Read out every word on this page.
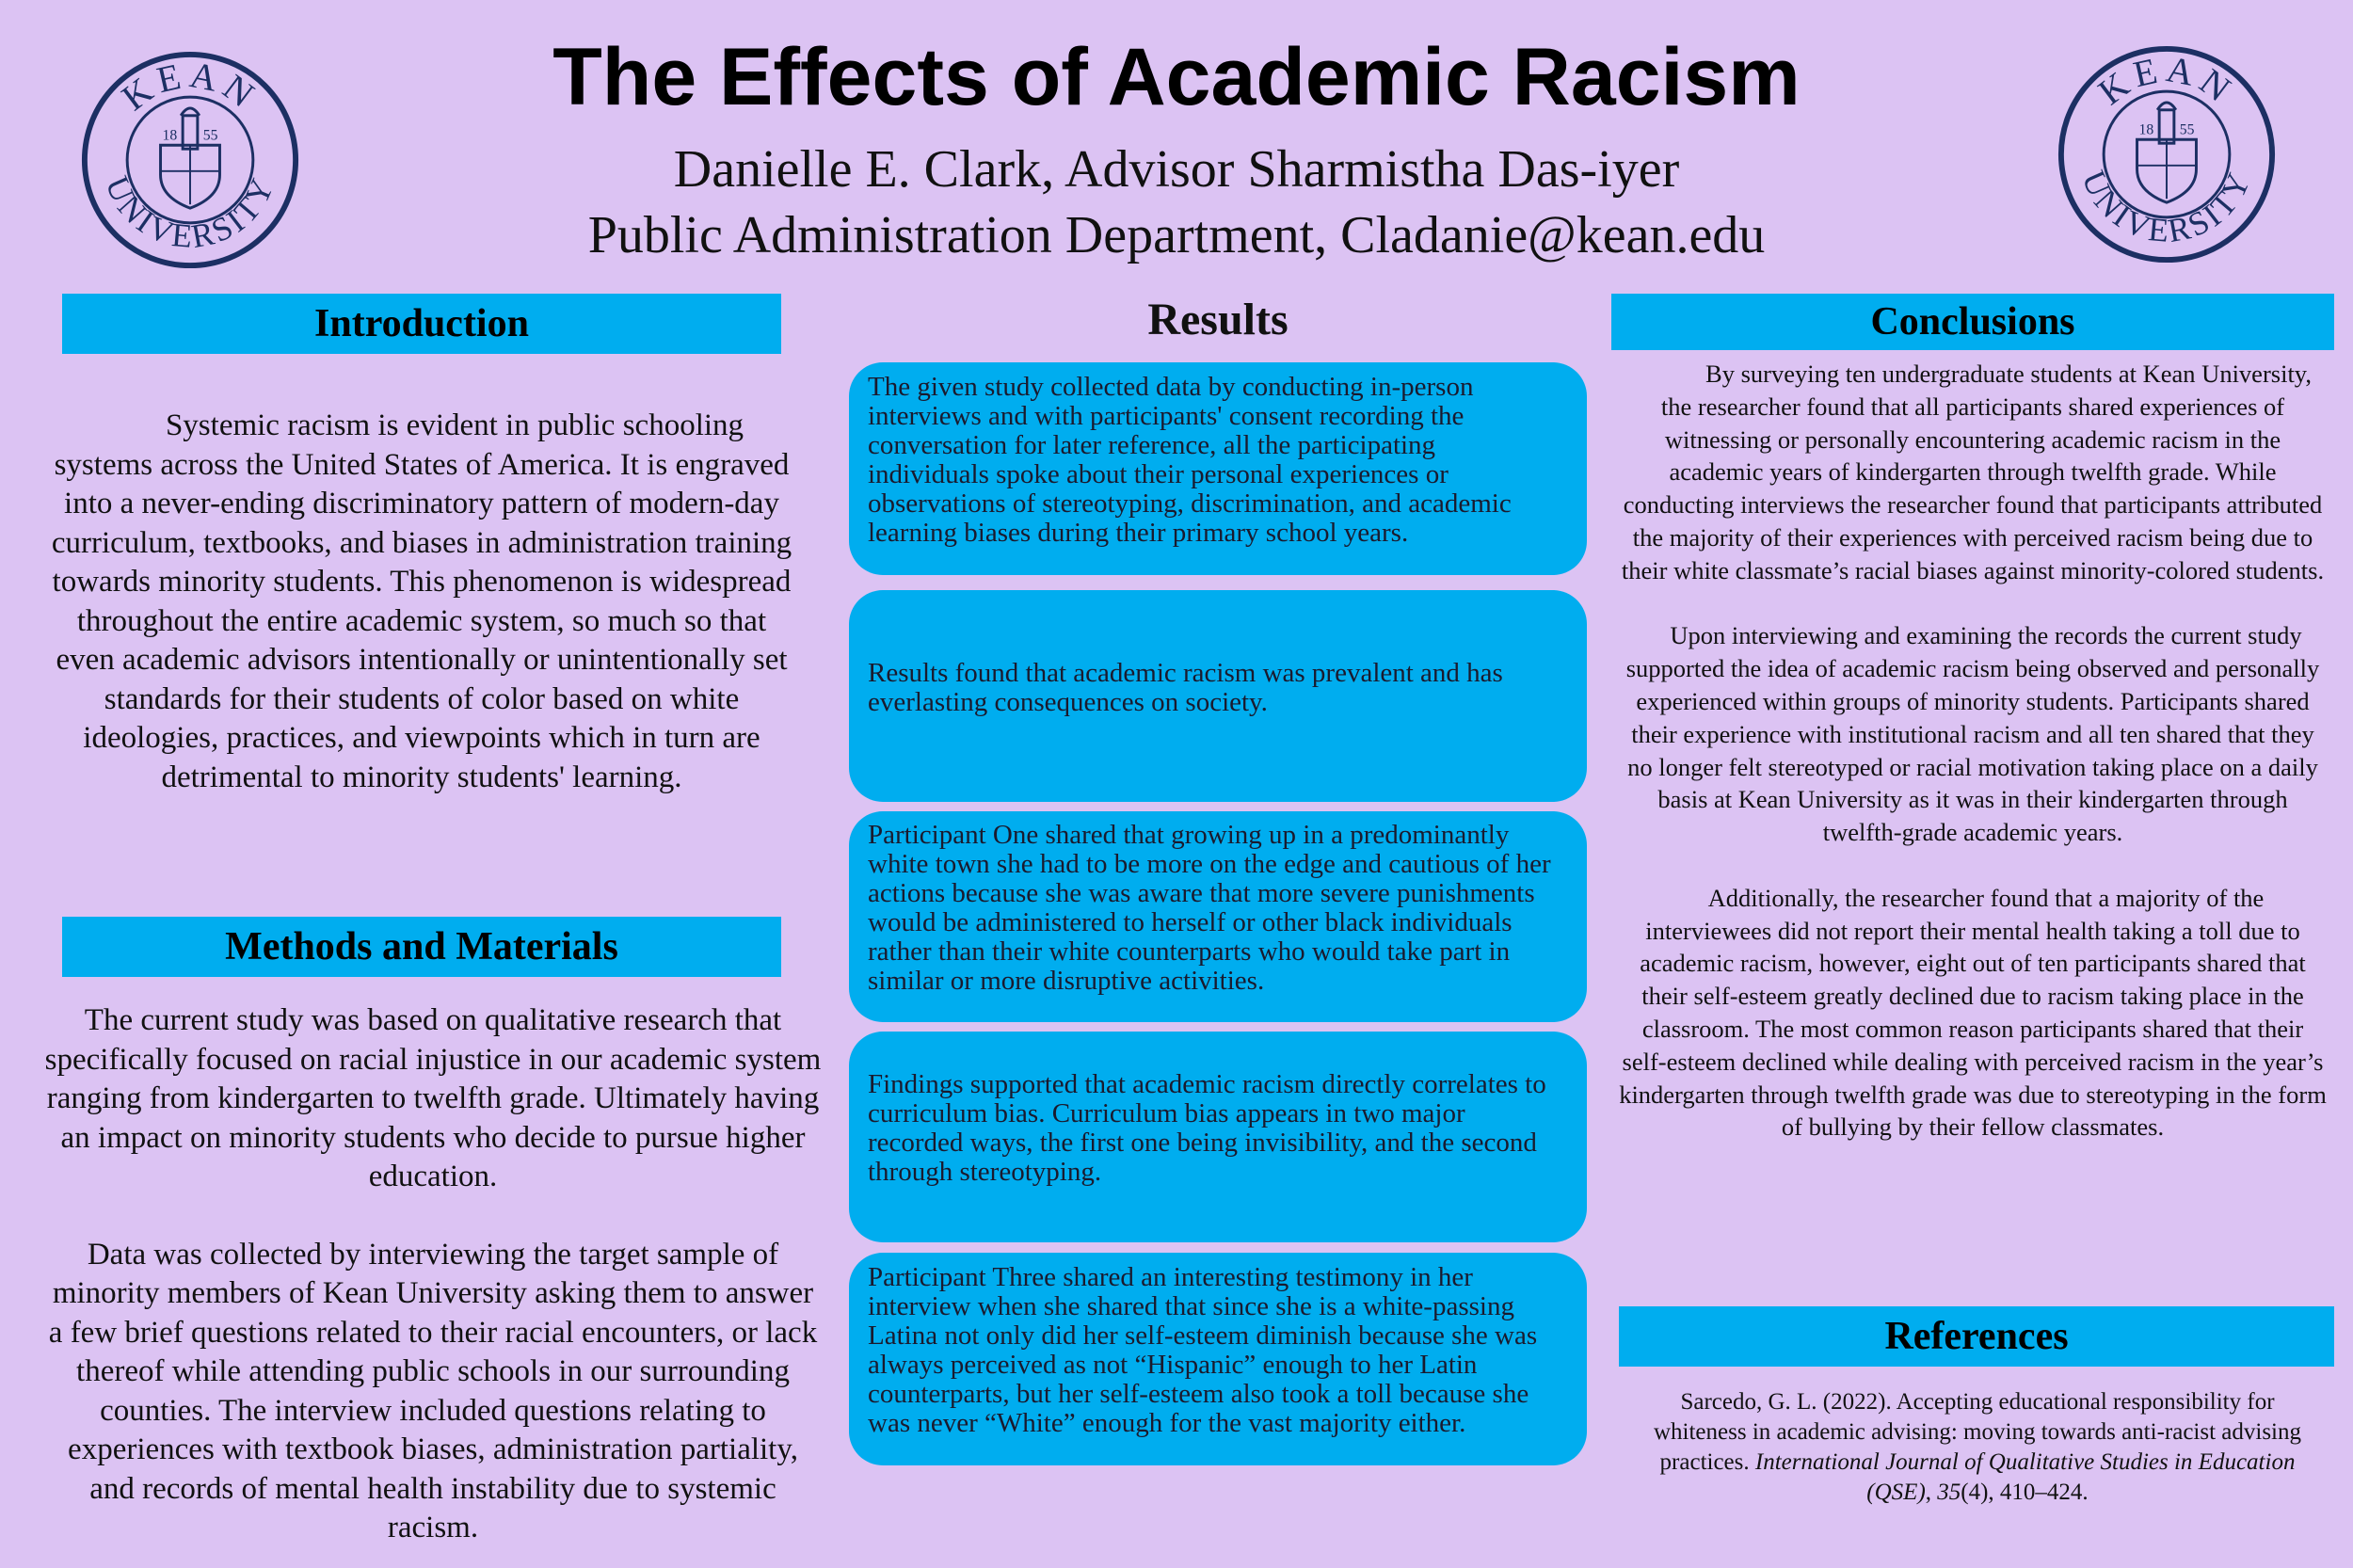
The Effects of Academic Racism
Danielle E. Clark, Advisor Sharmistha Das-iyer
Public Administration Department, Cladanie@kean.edu
KEAN
UNIVERSITY
18 55
KEAN
UNIVERSITY
18 55
Introduction
Systemic racism is evident in public schooling systems across the United States of America. It is engraved into a never-ending discriminatory pattern of modern-day curriculum, textbooks, and biases in administration training towards minority students. This phenomenon is widespread throughout the entire academic system, so much so that even academic advisors intentionally or unintentionally set standards for their students of color based on white ideologies, practices, and viewpoints which in turn are detrimental to minority students' learning.
Methods and Materials

The current study was based on qualitative research that specifically focused on racial injustice in our academic system ranging from kindergarten to twelfth grade. Ultimately having an impact on minority students who decide to pursue higher education.

Data was collected by interviewing the target sample of minority members of Kean University asking them to answer a few brief questions related to their racial encounters, or lack thereof while attending public schools in our surrounding counties. The interview included questions relating to experiences with textbook biases, administration partiality, and records of mental health instability due to systemic racism.

Results
The given study collected data by conducting in-person interviews and with participants' consent recording the conversation for later reference, all the participating individuals spoke about their personal experiences or observations of stereotyping, discrimination, and academic learning biases during their primary school years.
Results found that academic racism was prevalent and has everlasting consequences on society.
Participant One shared that growing up in a predominantly white town she had to be more on the edge and cautious of her actions because she was aware that more severe punishments would be administered to herself or other black individuals rather than their white counterparts who would take part in similar or more disruptive activities.
Findings supported that academic racism directly correlates to curriculum bias. Curriculum bias appears in two major recorded ways, the first one being invisibility, and the second through stereotyping.
Participant Three shared an interesting testimony in her interview when she shared that since she is a white-passing Latina not only did her self-esteem diminish because she was always perceived as not “Hispanic” enough to her Latin counterparts, but her self-esteem also took a toll because she was never “White” enough for the vast majority either.
Conclusions

By surveying ten undergraduate students at Kean University, the researcher found that all participants shared experiences of witnessing or personally encountering academic racism in the academic years of kindergarten through twelfth grade. While conducting interviews the researcher found that participants attributed the majority of their experiences with perceived racism being due to their white classmate’s racial biases against minority-colored students.

Upon interviewing and examining the records the current study supported the idea of academic racism being observed and personally experienced within groups of minority students. Participants shared their experience with institutional racism and all ten shared that they no longer felt stereotyped or racial motivation taking place on a daily basis at Kean University as it was in their kindergarten through twelfth-grade academic years.

Additionally, the researcher found that a majority of the interviewees did not report their mental health taking a toll due to academic racism, however, eight out of ten participants shared that their self-esteem greatly declined due to racism taking place in the classroom. The most common reason participants shared that their self-esteem declined while dealing with perceived racism in the year’s kindergarten through twelfth grade was due to stereotyping in the form of bullying by their fellow classmates.

References
Sarcedo, G. L. (2022). Accepting educational responsibility for whiteness in academic advising: moving towards anti-racist advising practices. International Journal of Qualitative Studies in Education (QSE), 35(4), 410–424.
